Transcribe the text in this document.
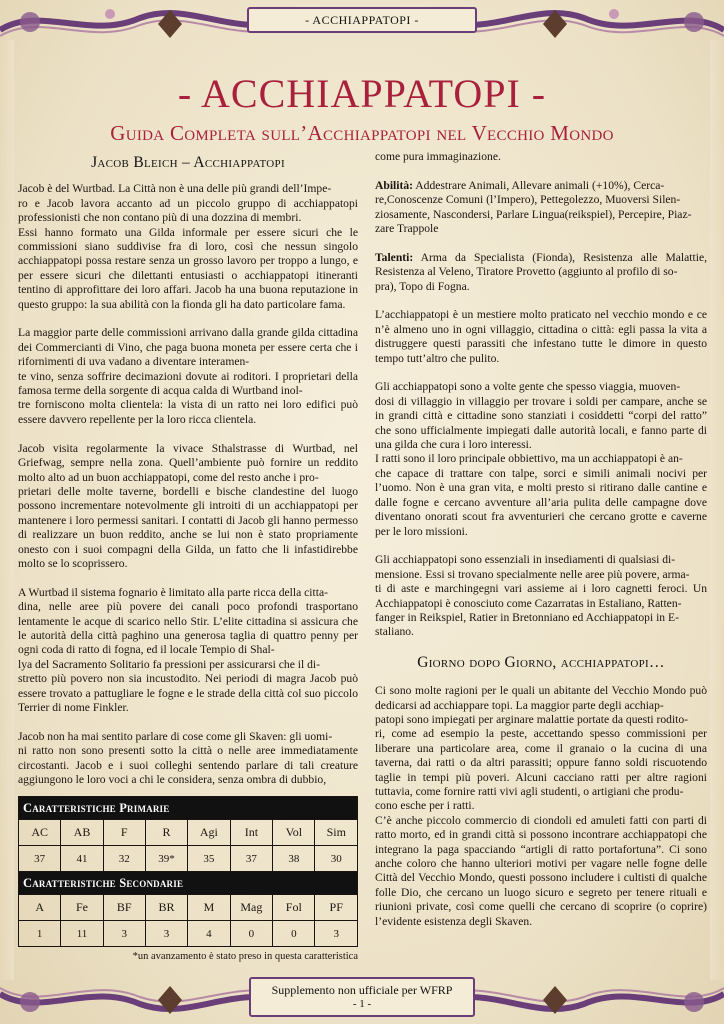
- ACCHIAPPATOPI -
Supplemento non ufficiale per WFRP
- 1 -
- ACCHIAPPATOPI -
Guida Completa sull’Acchiappatopi nel Vecchio Mondo
Jacob Bleich – Acchiappatopi

Jacob è del Wurtbad. La Città non è una delle più grandi dell’Impe-
ro e Jacob lavora accanto ad un piccolo gruppo di acchiappatopi professionisti che non contano più di una dozzina di membri.
Essi hanno formato una Gilda informale per essere sicuri che le commissioni siano suddivise fra di loro, così che nessun singolo acchiappatopi possa restare senza un grosso lavoro per troppo a lungo, e per essere sicuri che dilettanti entusiasti o acchiappatopi itineranti tentino di approfittare dei loro affari. Jacob ha una buona reputazione in questo gruppo: la sua abilità con la fionda gli ha dato particolare fama.

La maggior parte delle commissioni arrivano dalla grande gilda cittadina dei Commercianti di Vino, che paga buona moneta per essere certa che i rifornimenti di uva vadano a diventare interamen-
te vino, senza soffrire decimazioni dovute ai roditori. I proprietari della famosa terme della sorgente di acqua calda di Wurtband inol-
tre forniscono molta clientela: la vista di un ratto nei loro edifici può essere davvero repellente per la loro ricca clientela.

Jacob visita regolarmente la vivace Sthalstrasse di Wurtbad, nel Griefwag, sempre nella zona. Quell’ambiente può fornire un reddito molto alto ad un buon acchiappatopi, come del resto anche i pro-
prietari delle molte taverne, bordelli e bische clandestine del luogo possono incrementare notevolmente gli introiti di un acchiappatopi per mantenere i loro permessi sanitari. I contatti di Jacob gli hanno permesso di realizzare un buon reddito, anche se lui non è stato propriamente onesto con i suoi compagni della Gilda, un fatto che li infastidirebbe molto se lo scoprissero.

A Wurtbad il sistema fognario è limitato alla parte ricca della citta-
dina, nelle aree più povere dei canali poco profondi trasportano lentamente le acque di scarico nello Stir. L’elite cittadina si assicura che le autorità della città paghino una generosa taglia di quattro penny per ogni coda di ratto di fogna, ed il locale Tempio di Shal-
lya del Sacramento Solitario fa pressioni per assicurarsi che il di-
stretto più povero non sia incustodito. Nei periodi di magra Jacob può essere trovato a pattugliare le fogne e le strade della città col suo piccolo Terrier di nome Finkler.

Jacob non ha mai sentito parlare di cose come gli Skaven: gli uomi-
ni ratto non sono presenti sotto la città o nelle aree immediatamente circostanti. Jacob e i suoi colleghi sentendo parlare di tali creature aggiungono le loro voci a chi le considera, senza ombra di dubbio,

Caratteristiche Primarie							
AC	AB	F	R	Agi	Int	Vol	Sim
37	41	32	39*	35	37	38	30
Caratteristiche Secondarie							
A	Fe	BF	BR	M	Mag	Fol	PF
1	11	3	3	4	0	0	3
*un avanzamento è stato preso in questa caratteristica

come pura immaginazione.

Abilità: Addestrare Animali, Allevare animali (+10%), Cerca-
re,Conoscenze Comuni (l’Impero), Pettegolezzo, Muoversi Silen-
ziosamente, Nascondersi, Parlare Lingua(reikspiel), Percepire, Piaz-
zare Trappole

Talenti: Arma da Specialista (Fionda), Resistenza alle Malattie, Resistenza al Veleno, Tiratore Provetto (aggiunto al profilo di so-
pra), Topo di Fogna.

L’acchiappatopi è un mestiere molto praticato nel vecchio mondo e ce n’è almeno uno in ogni villaggio, cittadina o città: egli passa la vita a distruggere questi parassiti che infestano tutte le dimore in questo tempo tutt’altro che pulito.

Gli acchiappatopi sono a volte gente che spesso viaggia, muoven-
dosi di villaggio in villaggio per trovare i soldi per campare, anche se in grandi città e cittadine sono stanziati i cosiddetti “corpi del ratto” che sono ufficialmente impiegati dalle autorità locali, e fanno parte di una gilda che cura i loro interessi.

I ratti sono il loro principale obbiettivo, ma un acchiappatopi è an-
che capace di trattare con talpe, sorci e simili animali nocivi per l’uomo. Non è una gran vita, e molti presto si ritirano dalle cantine e dalle fogne e cercano avventure all’aria pulita delle campagne dove diventano onorati scout fra avventurieri che cercano grotte e caverne per le loro missioni.

Gli acchiappatopi sono essenziali in insediamenti di qualsiasi di-
mensione. Essi si trovano specialmente nelle aree più povere, arma-
ti di aste e marchingegni vari assieme ai i loro cagnetti feroci. Un Acchiappatopi è conosciuto come Cazarratas in Estaliano, Ratten-
fanger in Reikspiel, Ratier in Bretonniano ed Acchiappatopi in E-
staliano.

Giorno dopo Giorno, acchiappatopi…

Ci sono molte ragioni per le quali un abitante del Vecchio Mondo può dedicarsi ad acchiappare topi. La maggior parte degli acchiap-
patopi sono impiegati per arginare malattie portate da questi rodito-
ri, come ad esempio la peste, accettando spesso commissioni per liberare una particolare area, come il granaio o la cucina di una taverna, dai ratti o da altri parassiti; oppure fanno soldi riscuotendo taglie in tempi più poveri. Alcuni cacciano ratti per altre ragioni tuttavia, come fornire ratti vivi agli studenti, o artigiani che produ-
cono esche per i ratti.

C’è anche piccolo commercio di ciondoli ed amuleti fatti con parti di ratto morto, ed in grandi città si possono incontrare acchiappatopi che integrano la paga spacciando “artigli di ratto portafortuna”. Ci sono anche coloro che hanno ulteriori motivi per vagare nelle fogne delle Città del Vecchio Mondo, questi possono includere i cultisti di qualche folle Dio, che cercano un luogo sicuro e segreto per tenere rituali e riunioni private, così come quelli che cercano di scoprire (o coprire) l’evidente esistenza degli Skaven.
